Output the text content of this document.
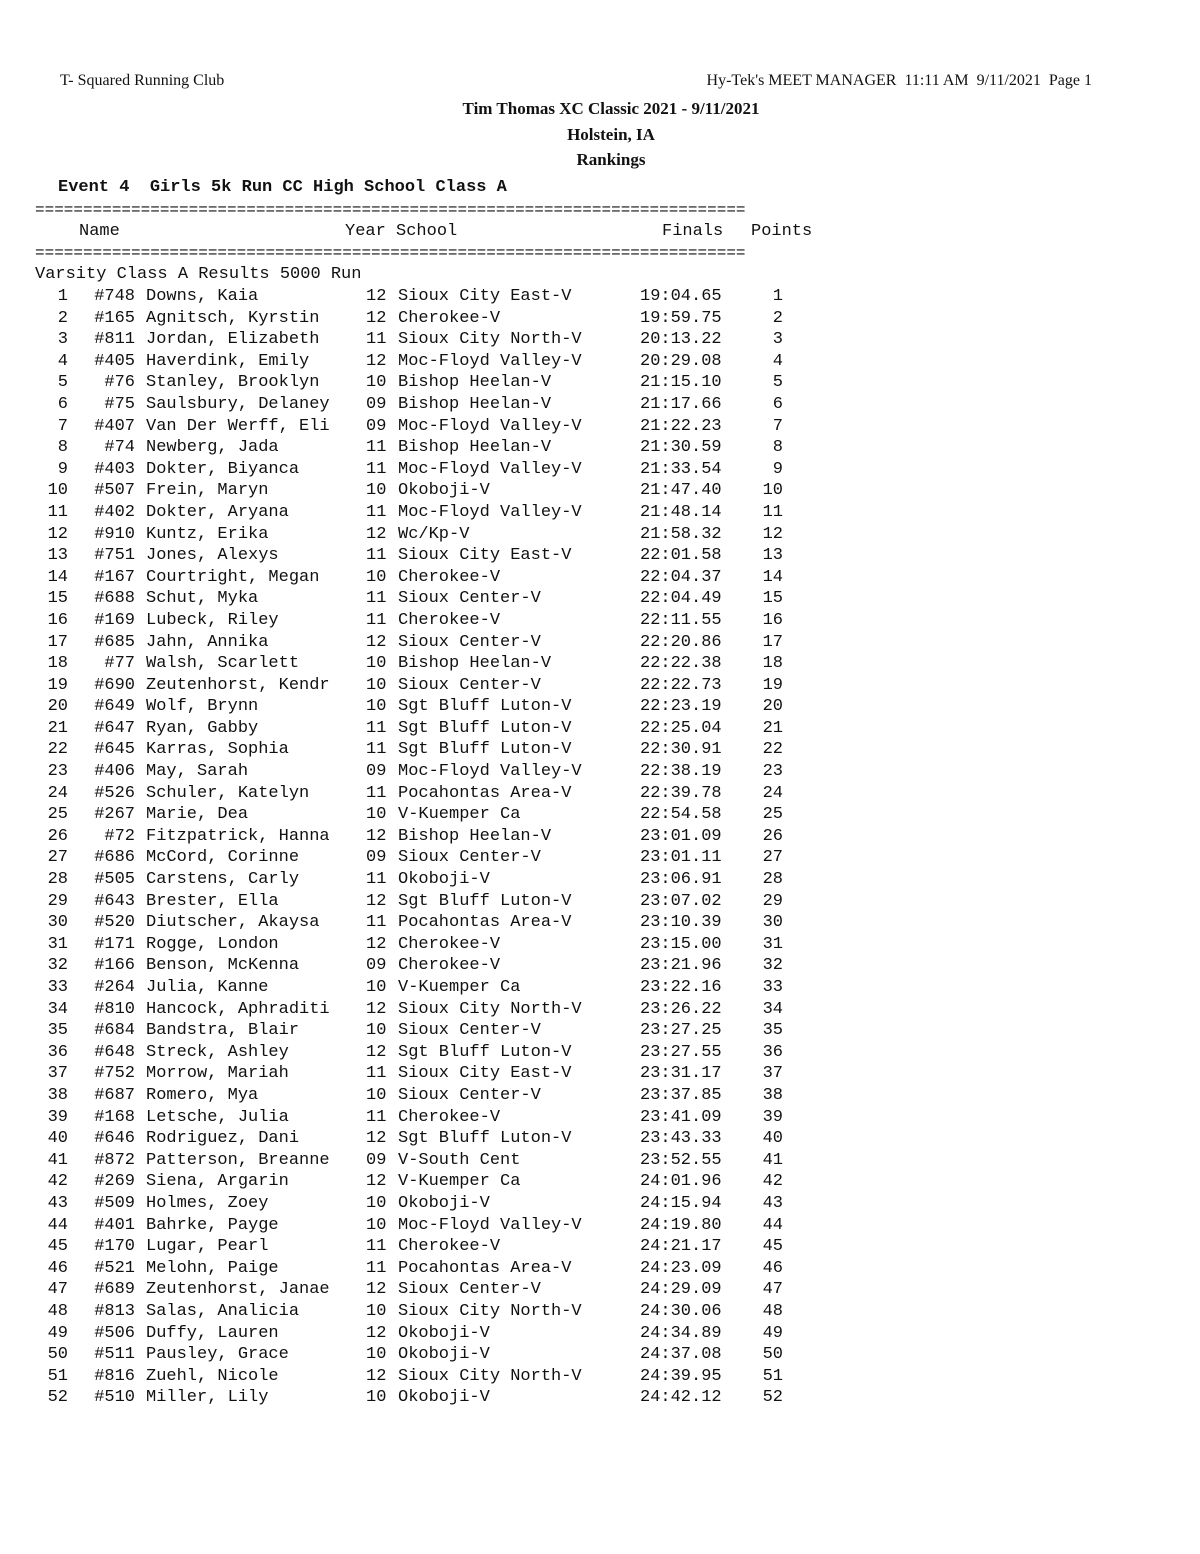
T- Squared Running Club	Hy-Tek's MEET MANAGER  11:11 AM  9/11/2021  Page 1
Tim Thomas XC Classic 2021 - 9/11/2021
Holstein, IA
Rankings
Event 4  Girls 5k Run CC High School Class A
==========================================================================
Name	Year School	Finals Points
==========================================================================
Varsity Class A Results 5000 Run
1	#748 Downs, Kaia	12 Sioux City East-V	19:04.65	1
2	#165 Agnitsch, Kyrstin	12 Cherokee-V	19:59.75	2
3	#811 Jordan, Elizabeth	11 Sioux City North-V	20:13.22	3
4	#405 Haverdink, Emily	12 Moc-Floyd Valley-V	20:29.08	4
5	#76 Stanley, Brooklyn	10 Bishop Heelan-V	21:15.10	5
6	#75 Saulsbury, Delaney 09 Bishop Heelan-V	21:17.66	6
7	#407 Van Der Werff, Eli 09 Moc-Floyd Valley-V	21:22.23	7
8	#74 Newberg, Jada	11 Bishop Heelan-V	21:30.59	8
9	#403 Dokter, Biyanca	11 Moc-Floyd Valley-V	21:33.54	9
10	#507 Frein, Maryn	10 Okoboji-V	21:47.40	10
11	#402 Dokter, Aryana	11 Moc-Floyd Valley-V	21:48.14	11
12	#910 Kuntz, Erika	12 Wc/Kp-V	21:58.32	12
13	#751 Jones, Alexys	11 Sioux City East-V	22:01.58	13
14	#167 Courtright, Megan	10 Cherokee-V	22:04.37	14
15	#688 Schut, Myka	11 Sioux Center-V	22:04.49	15
16	#169 Lubeck, Riley	11 Cherokee-V	22:11.55	16
17	#685 Jahn, Annika	12 Sioux Center-V	22:20.86	17
18	#77 Walsh, Scarlett	10 Bishop Heelan-V	22:22.38	18
19	#690 Zeutenhorst, Kendr 10 Sioux Center-V	22:22.73	19
20	#649 Wolf, Brynn	10 Sgt Bluff Luton-V	22:23.19	20
21	#647 Ryan, Gabby	11 Sgt Bluff Luton-V	22:25.04	21
22	#645 Karras, Sophia	11 Sgt Bluff Luton-V	22:30.91	22
23	#406 May, Sarah	09 Moc-Floyd Valley-V	22:38.19	23
24	#526 Schuler, Katelyn	11 Pocahontas Area-V	22:39.78	24
25	#267 Marie, Dea	10 V-Kuemper Ca	22:54.58	25
26	#72 Fitzpatrick, Hanna 12 Bishop Heelan-V	23:01.09	26
27	#686 McCord, Corinne	09 Sioux Center-V	23:01.11	27
28	#505 Carstens, Carly	11 Okoboji-V	23:06.91	28
29	#643 Brester, Ella	12 Sgt Bluff Luton-V	23:07.02	29
30	#520 Diutscher, Akaysa	11 Pocahontas Area-V	23:10.39	30
31	#171 Rogge, London	12 Cherokee-V	23:15.00	31
32	#166 Benson, McKenna	09 Cherokee-V	23:21.96	32
33	#264 Julia, Kanne	10 V-Kuemper Ca	23:22.16	33
34	#810 Hancock, Aphraditi 12 Sioux City North-V	23:26.22	34
35	#684 Bandstra, Blair	10 Sioux Center-V	23:27.25	35
36	#648 Streck, Ashley	12 Sgt Bluff Luton-V	23:27.55	36
37	#752 Morrow, Mariah	11 Sioux City East-V	23:31.17	37
38	#687 Romero, Mya	10 Sioux Center-V	23:37.85	38
39	#168 Letsche, Julia	11 Cherokee-V	23:41.09	39
40	#646 Rodriguez, Dani	12 Sgt Bluff Luton-V	23:43.33	40
41	#872 Patterson, Breanne 09 V-South Cent	23:52.55	41
42	#269 Siena, Argarin	12 V-Kuemper Ca	24:01.96	42
43	#509 Holmes, Zoey	10 Okoboji-V	24:15.94	43
44	#401 Bahrke, Payge	10 Moc-Floyd Valley-V	24:19.80	44
45	#170 Lugar, Pearl	11 Cherokee-V	24:21.17	45
46	#521 Melohn, Paige	11 Pocahontas Area-V	24:23.09	46
47	#689 Zeutenhorst, Janae 12 Sioux Center-V	24:29.09	47
48	#813 Salas, Analicia	10 Sioux City North-V	24:30.06	48
49	#506 Duffy, Lauren	12 Okoboji-V	24:34.89	49
50	#511 Pausley, Grace	10 Okoboji-V	24:37.08	50
51	#816 Zuehl, Nicole	12 Sioux City North-V	24:39.95	51
52	#510 Miller, Lily	10 Okoboji-V	24:42.12	52
